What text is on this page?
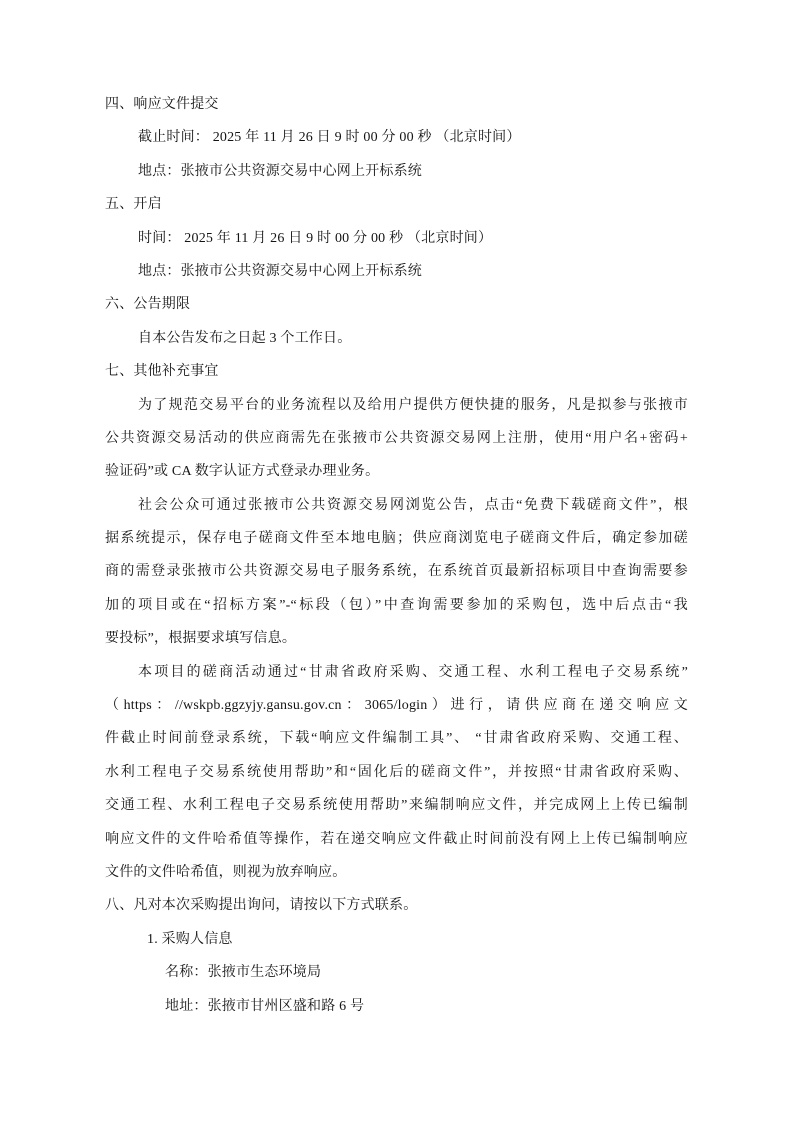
四、响应文件提交
截止时间： 2025 年 11 月 26 日 9 时 00 分 00 秒 （北京时间）
地点：张掖市公共资源交易中心网上开标系统
五、开启
时间： 2025 年 11 月 26 日 9 时 00 分 00 秒 （北京时间）
地点：张掖市公共资源交易中心网上开标系统
六、公告期限
自本公告发布之日起 3 个工作日。
七、其他补充事宜
为了规范交易平台的业务流程以及给用户提供方便快捷的服务，凡是拟参与张掖市
公共资源交易活动的供应商需先在张掖市公共资源交易网上注册，使用“用户名+密码+
验证码”或 CA 数字认证方式登录办理业务。
社会公众可通过张掖市公共资源交易网浏览公告，点击“免费下载磋商文件”，根
据系统提示，保存电子磋商文件至本地电脑；供应商浏览电子磋商文件后，确定参加磋
商的需登录张掖市公共资源交易电子服务系统，在系统首页最新招标项目中查询需要参
加的项目或在“招标方案”-“标段（包）”中查询需要参加的采购包，选中后点击“我
要投标”，根据要求填写信息。
本项目的磋商活动通过“甘肃省政府采购、交通工程、水利工程电子交易系统”
（https：//wskpb.ggzyjy.gansu.gov.cn：3065/login）进行，请供应商在递交响应文
件截止时间前登录系统，下载“响应文件编制工具”、 “甘肃省政府采购、交通工程、
水利工程电子交易系统使用帮助”和“固化后的磋商文件”，并按照“甘肃省政府采购、
交通工程、水利工程电子交易系统使用帮助”来编制响应文件，并完成网上上传已编制
响应文件的文件哈希值等操作，若在递交响应文件截止时间前没有网上上传已编制响应
文件的文件哈希值，则视为放弃响应。
八、凡对本次采购提出询问，请按以下方式联系。
1. 采购人信息
名称：张掖市生态环境局
地址：张掖市甘州区盛和路 6 号
